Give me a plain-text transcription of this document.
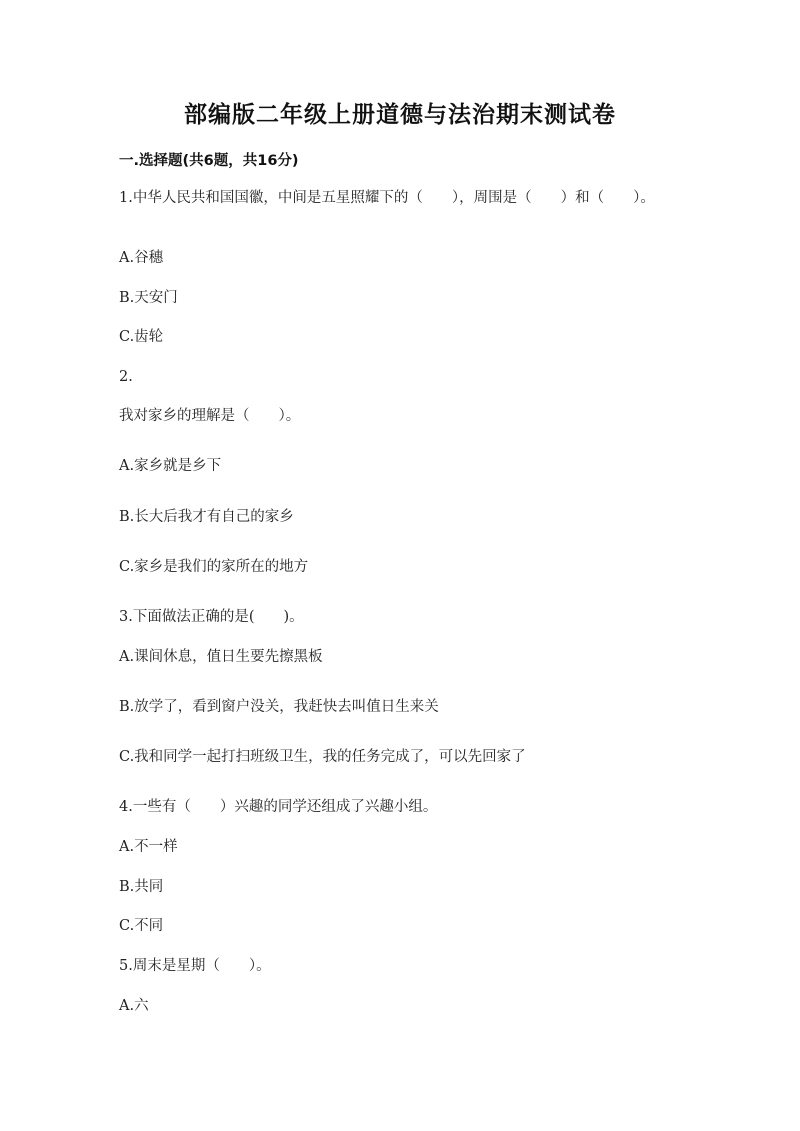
部编版二年级上册道德与法治期末测试卷
一.选择题(共6题，共16分)
1.中华人民共和国国徽，中间是五星照耀下的（　　），周围是（　　）和（　　）。
A.谷穗
B.天安门
C.齿轮
2.
我对家乡的理解是（　　）。
A.家乡就是乡下
B.长大后我才有自己的家乡
C.家乡是我们的家所在的地方
3.下面做法正确的是(　　)。
A.课间休息，值日生要先擦黑板
B.放学了，看到窗户没关，我赶快去叫值日生来关
C.我和同学一起打扫班级卫生，我的任务完成了，可以先回家了
4.一些有（　　）兴趣的同学还组成了兴趣小组。
A.不一样
B.共同
C.不同
5.周末是星期（　　）。
A.六
